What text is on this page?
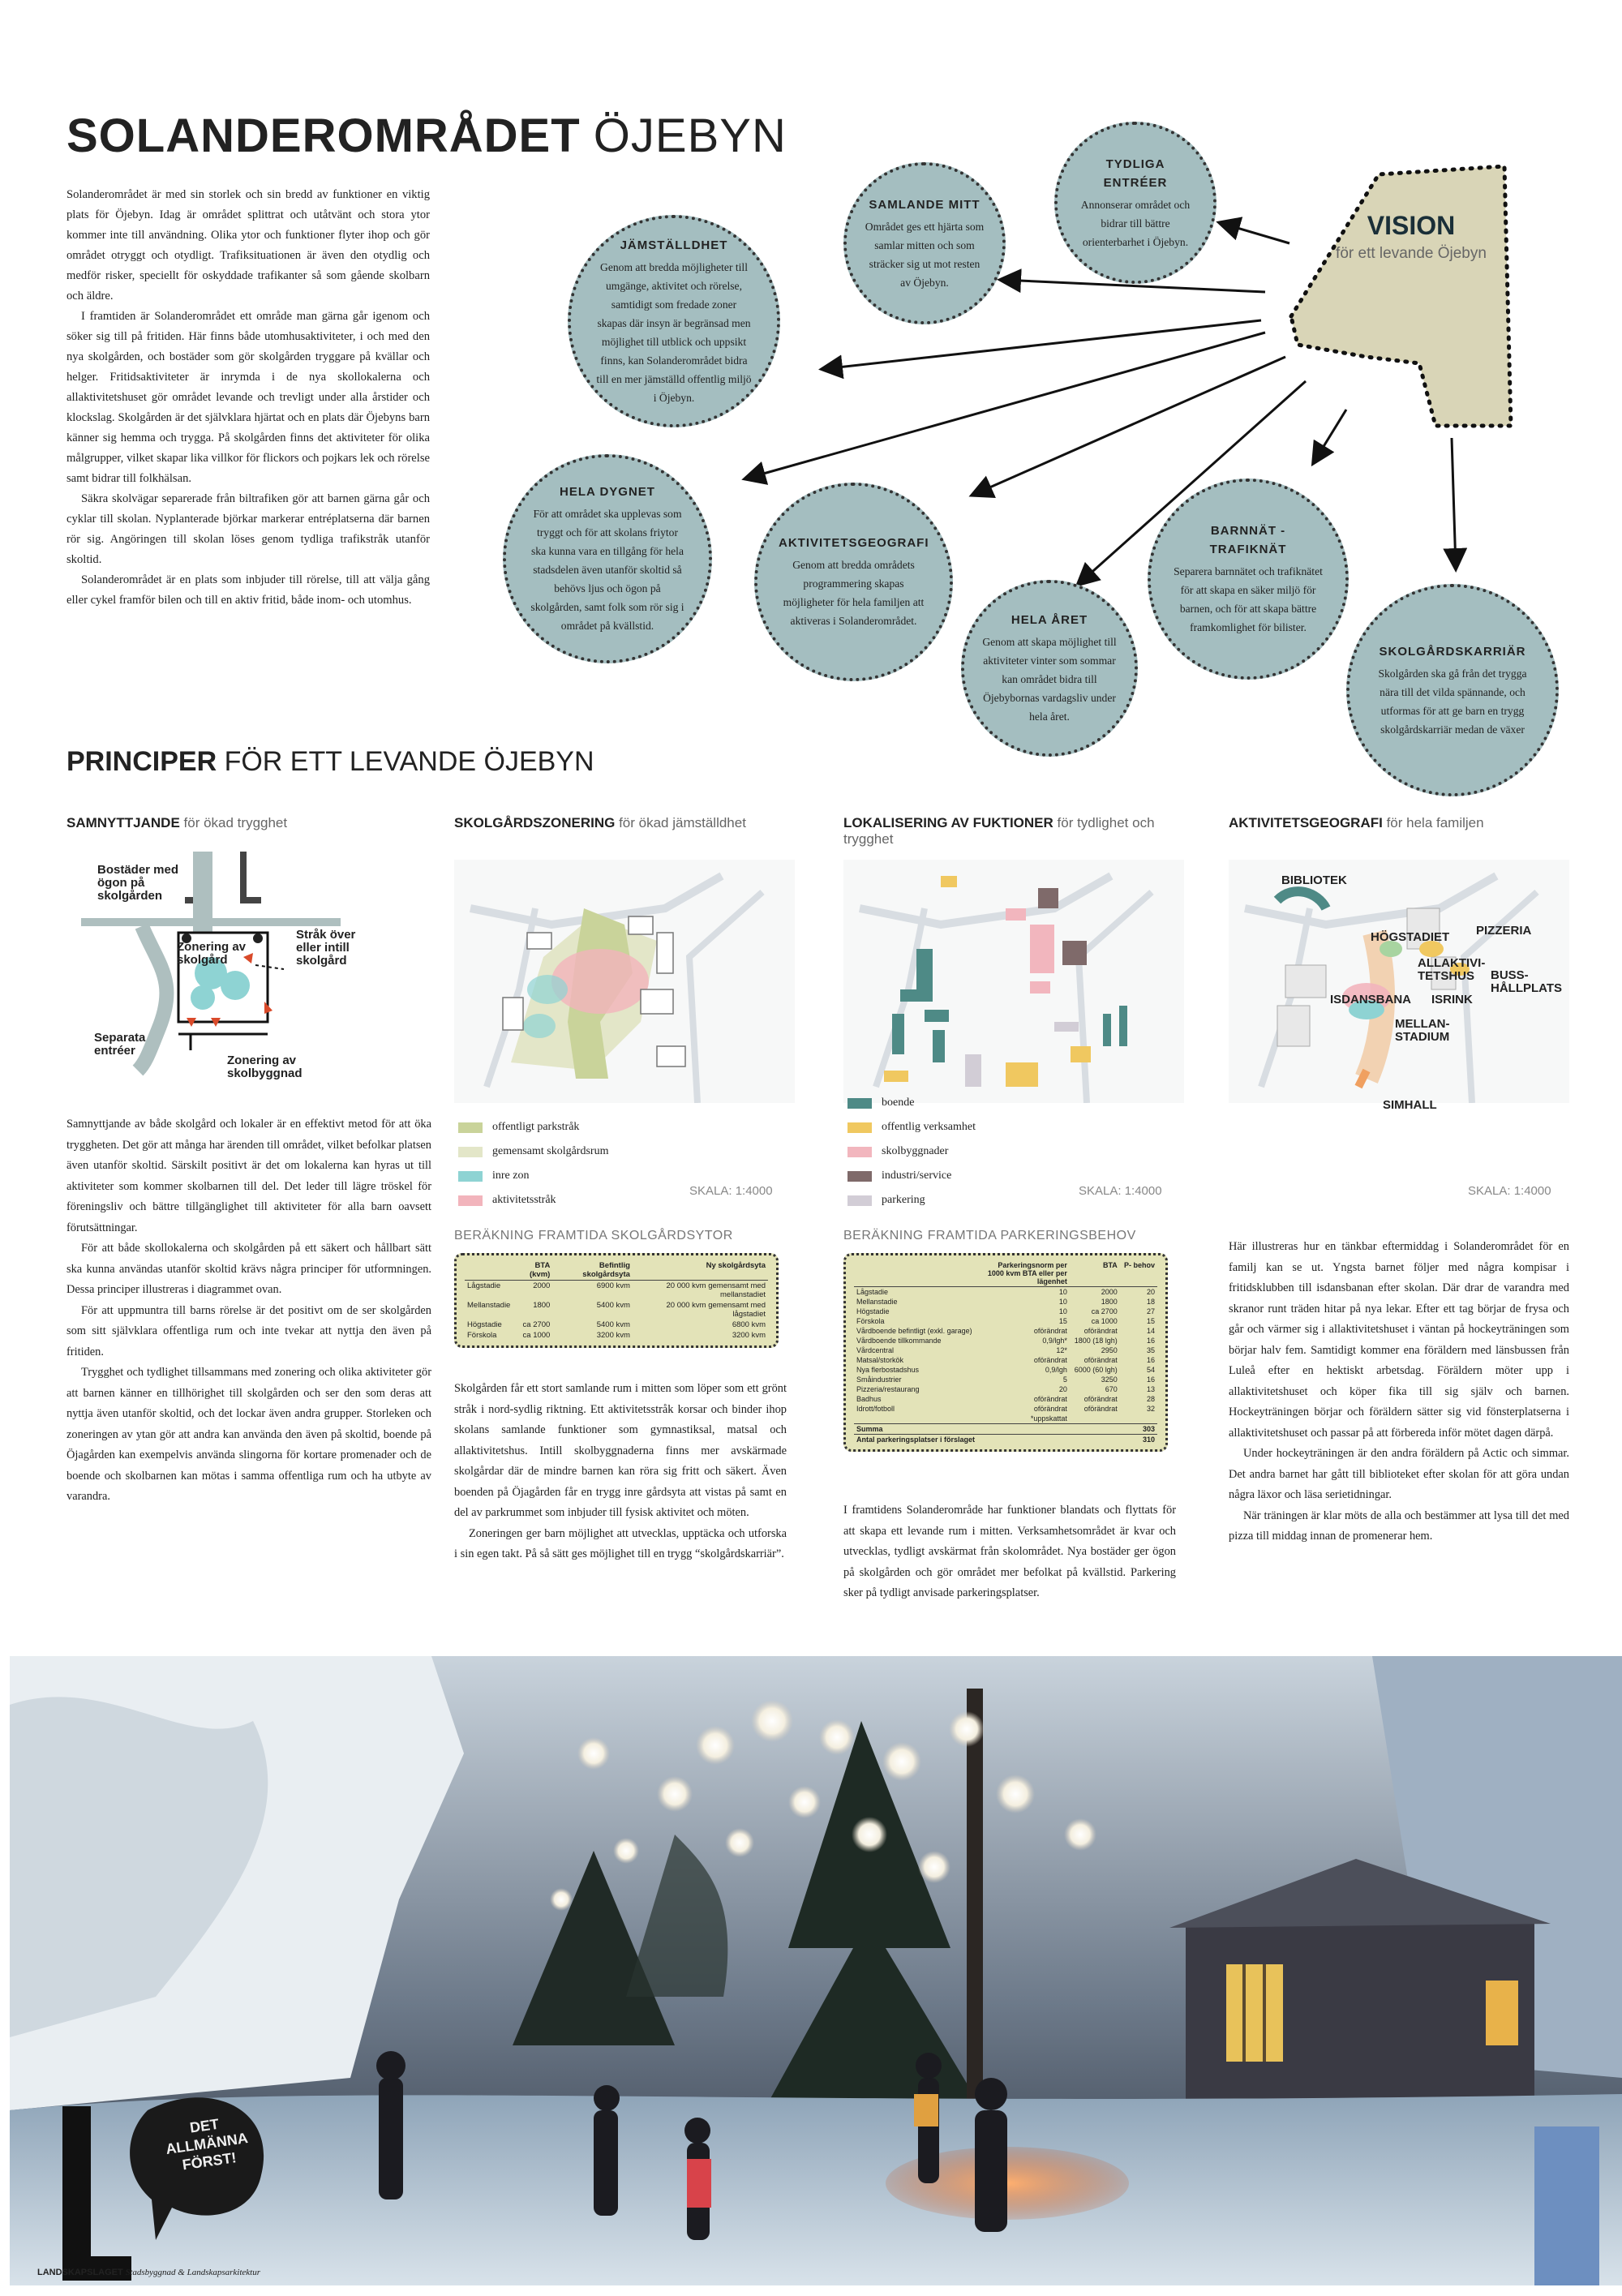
SOLANDEROMRÅDET ÖJEBYN

Solanderområdet är med sin storlek och sin bredd av funktioner en viktig plats för Öjebyn. Idag är området splittrat och utåtvänt och stora ytor kommer inte till användning. Olika ytor och funktioner flyter ihop och gör området otryggt och otydligt. Trafiksituationen är även den otydlig och medför risker, speciellt för oskyddade trafikanter så som gående skolbarn och äldre.

I framtiden är Solanderområdet ett område man gärna går igenom och söker sig till på fritiden. Här finns både utomhusaktiviteter, i och med den nya skolgården, och bostäder som gör skolgården tryggare på kvällar och helger. Fritidsaktiviteter är inrymda i de nya skollokalerna och allaktivitetshuset gör området levande och trevligt under alla årstider och klockslag. Skolgården är det självklara hjärtat och en plats där Öjebyns barn känner sig hemma och trygga. På skolgården finns det aktiviteter för olika målgrupper, vilket skapar lika villkor för flickors och pojkars lek och rörelse samt bidrar till folkhälsan.

Säkra skolvägar separerade från biltrafiken gör att barnen gärna går och cyklar till skolan. Nyplanterade björkar markerar entréplatserna där barnen rör sig. Angöringen till skolan löses genom tydliga trafikstråk utanför skoltid.

Solanderområdet är en plats som inbjuder till rörelse, till att välja gång eller cykel framför bilen och till en aktiv fritid, både inom- och utomhus.

VISION
för ett levande Öjebyn
JÄMSTÄLLDHET
Genom att bredda möjligheter till umgänge, aktivitet och rörelse, samtidigt som fredade zoner skapas där insyn är begränsad men möjlighet till utblick och uppsikt finns, kan Solanderområdet bidra till en mer jämställd offentlig miljö i Öjebyn.
SAMLANDE MITT
Området ges ett hjärta som samlar mitten och som sträcker sig ut mot resten av Öjebyn.
TYDLIGA ENTRÉER
Annonserar området och bidrar till bättre orienterbarhet i Öjebyn.
HELA DYGNET
För att området ska upplevas som tryggt och för att skolans friytor ska kunna vara en tillgång för hela stadsdelen även utanför skoltid så behövs ljus och ögon på skolgården, samt folk som rör sig i området på kvällstid.
AKTIVITETSGEOGRAFI
Genom att bredda områdets programmering skapas möjligheter för hela familjen att aktiveras i Solanderområdet.	HELA ÅRET
Genom att skapa möjlighet till aktiviteter vinter som sommar kan området bidra till Öjebybornas vardagsliv under hela året.
BARNNÄT - TRAFIKNÄT
Separera barnnätet och trafiknätet för att skapa en säker miljö för barnen, och för att skapa bättre framkomlighet för bilister.
SKOLGÅRDSKARRIÄR
Skolgården ska gå från det trygga nära till det vilda spännande, och utformas för att ge barn en trygg skolgårdskarriär medan de växer
PRINCIPER FÖR ETT LEVANDE ÖJEBYN
SAMNYTTJANDE för ökad trygghet	SKOLGÅRDSZONERING för ökad jämställdhet	LOKALISERING AV FUKTIONER för tydlighet och trygghet
AKTIVITETSGEOGRAFI för hela familjen
Bostäder med ögon på skolgården
Stråk över eller intill skolgård
Zonering av skolgård
Separata entréer
Zonering av skolbyggnad

Samnyttjande av både skolgård och lokaler är en effektivt metod för att öka tryggheten. Det gör att många har ärenden till området, vilket befolkar platsen även utanför skoltid. Särskilt positivt är det om lokalerna kan hyras ut till aktiviteter som kommer skolbarnen till del. Det leder till lägre tröskel för föreningsliv och bättre tillgänglighet till aktiviteter för alla barn oavsett förutsättningar.

För att både skollokalerna och skolgården på ett säkert och hållbart sätt ska kunna användas utanför skoltid krävs några principer för utformningen. Dessa principer illustreras i diagrammet ovan.

För att uppmuntra till barns rörelse är det positivt om de ser skolgården som sitt självklara offentliga rum och inte tvekar att nyttja den även på fritiden.

Trygghet och tydlighet tillsammans med zonering och olika aktiviteter gör att barnen känner en tillhörighet till skolgården och ser den som deras att nyttja även utanför skoltid, och det lockar även andra grupper. Storleken och zoneringen av ytan gör att andra kan använda den även på skoltid, boende på Öjagården kan exempelvis använda slingorna för kortare promenader och de boende och skolbarnen kan mötas i samma offentliga rum och ha utbyte av varandra.

offentligt parkstråk
gemensamt skolgårdsrum
inre zon
aktivitetsstråk
SKALA: 1:4000
BERÄKNING FRAMTIDA SKOLGÅRDSYTOR
	BTA (kvm)	Befintlig skolgårdsyta	Ny skolgårdsyta
Lågstadie	2000	6900 kvm	20 000 kvm gemensamt med mellanstadiet
Mellanstadie	1800	5400 kvm	20 000 kvm gemensamt med lågstadiet
Högstadie	ca 2700	5400 kvm	6800 kvm
Förskola	ca 1000	3200 kvm	3200 kvm

Skolgården får ett stort samlande rum i mitten som löper som ett grönt stråk i nord-sydlig riktning. Ett aktivitetsstråk korsar och binder ihop skolans samlande funktioner som gymnastiksal, matsal och allaktivitetshus. Intill skolbyggnaderna finns mer avskärmade skolgårdar där de mindre barnen kan röra sig fritt och säkert. Även boenden på Öjagården får en trygg inre gårdsyta att vistas på samt en del av parkrummet som inbjuder till fysisk aktivitet och möten.

Zoneringen ger barn möjlighet att utvecklas, upptäcka och utforska i sin egen takt. På så sätt ges möjlighet till en trygg “skolgårdskarriär”.

boende
offentlig verksamhet
skolbyggnader
industri/service
parkering
SKALA: 1:4000
BERÄKNING FRAMTIDA PARKERINGSBEHOV
	Parkeringsnorm per 1000 kvm BTA eller per lägenhet	BTA	P- behov
Lågstadie	10	2000	20
Mellanstadie	10	1800	18
Högstadie	10	ca 2700	27
Förskola	15	ca 1000	15
Vårdboende befintligt (exkl. garage)	oförändrat	oförändrat	14
Vårdboende tillkommande	0,9/lgh*	1800 (18 lgh)	16
Vårdcentral	12*	2950	35
Matsal/storkök	oförändrat	oförändrat	16
Nya flerbostadshus	0,9/lgh	6000 (60 lgh)	54
Småindustrier	5	3250	16
Pizzeria/restaurang	20	670	13
Badhus	oförändrat	oförändrat	28
Idrott/fotboll	oförändrat	oförändrat	32
	*uppskattat		
Summa			303
Antal parkeringsplatser i förslaget			310

I framtidens Solanderområde har funktioner blandats och flyttats för att skapa ett levande rum i mitten. Verksamhetsområdet är kvar och utvecklas, tydligt avskärmat från skolområdet. Nya bostäder ger ögon på skolgården och gör området mer befolkat på kvällstid. Parkering sker på tydligt anvisade parkeringsplatser.

BIBLIOTEK
HÖGSTADIET PIZZERIA
ALLAKTIVI-TETSHUS	BUSS-HÅLLPLATS
ISDANSBANA ISRINK
MELLAN-STADIUM
SIMHALL
SKALA: 1:4000

Här illustreras hur en tänkbar eftermiddag i Solanderområdet för en familj kan se ut. Yngsta barnet följer med några kompisar i fritidsklubben till isdansbanan efter skolan. Där drar de varandra med skranor runt träden hitar på nya lekar. Efter ett tag börjar de frysa och går och värmer sig i allaktivitetshuset i väntan på hockeyträningen som börjar halv fem. Samtidigt kommer ena föräldern med länsbussen från Luleå efter en hektiskt arbetsdag. Föräldern möter upp i allaktivitetshuset och köper fika till sig själv och barnen. Hockeyträningen börjar och föräldern sätter sig vid fönsterplatserna i allaktivitetshuset och passar på att förbereda inför mötet dagen därpå.

Under hockeyträningen är den andra föräldern på Actic och simmar. Det andra barnet har gått till biblioteket efter skolan för att göra undan några läxor och läsa serietidningar.

När träningen är klar möts de alla och bestämmer att lysa till det med pizza till middag innan de promenerar hem.

DET ALLMÄNNA FÖRST!
LANDSKAPSLAGET Stadsbyggnad & Landskapsarkitektur
